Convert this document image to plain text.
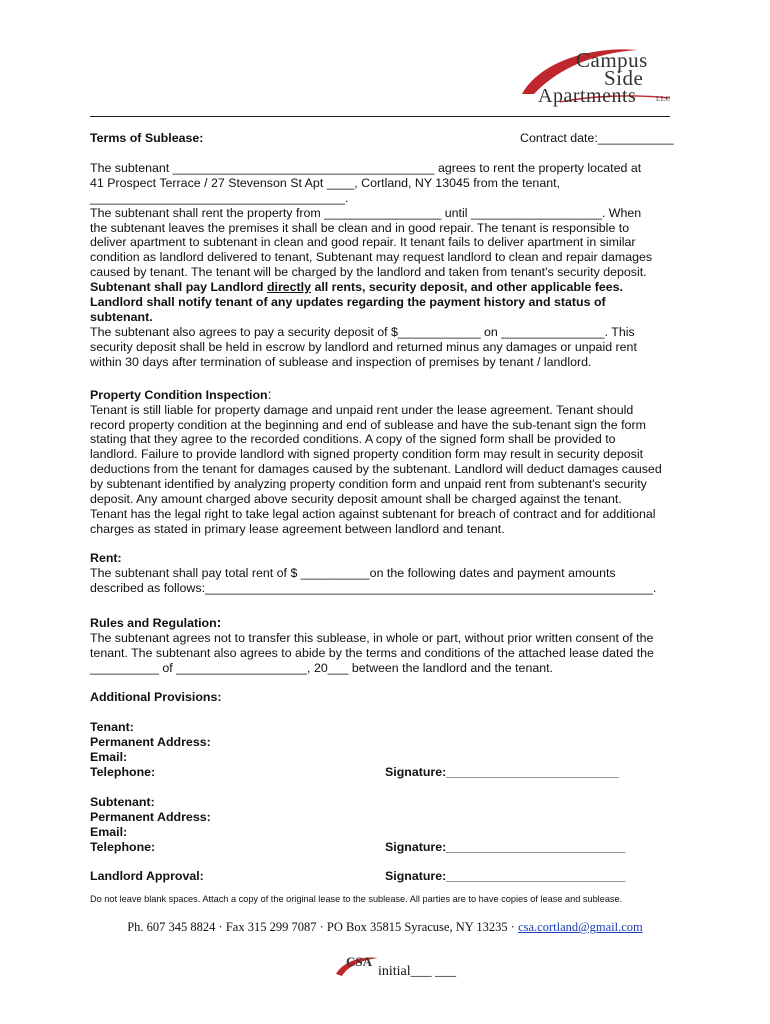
Campus
Side
Apartments	LLC
Terms of Sublease:	Contract date:___________
The subtenant ______________________________________ agrees to rent the property located at
41 Prospect Terrace / 27 Stevenson St Apt ____, Cortland, NY 13045 from the tenant,
_____________________________________.
The subtenant shall rent the property from _________________ until ___________________. When
the subtenant leaves the premises it shall be clean and in good repair. The tenant is responsible to
deliver apartment to subtenant in clean and good repair. It tenant fails to deliver apartment in similar
condition as landlord delivered to tenant, Subtenant may request landlord to clean and repair damages
caused by tenant. The tenant will be charged by the landlord and taken from tenant's security deposit.
Subtenant shall pay Landlord directly all rents, security deposit, and other applicable fees.
Landlord shall notify tenant of any updates regarding the payment history and status of
subtenant.
The subtenant also agrees to pay a security deposit of $____________ on _______________. This
security deposit shall be held in escrow by landlord and returned minus any damages or unpaid rent
within 30 days after termination of sublease and inspection of premises by tenant / landlord.
Property Condition Inspection:
Tenant is still liable for property damage and unpaid rent under the lease agreement. Tenant should
record property condition at the beginning and end of sublease and have the sub-tenant sign the form
stating that they agree to the recorded conditions. A copy of the signed form shall be provided to
landlord. Failure to provide landlord with signed property condition form may result in security deposit
deductions from the tenant for damages caused by the subtenant. Landlord will deduct damages caused
by subtenant identified by analyzing property condition form and unpaid rent from subtenant's security
deposit. Any amount charged above security deposit amount shall be charged against the tenant.
Tenant has the legal right to take legal action against subtenant for breach of contract and for additional
charges as stated in primary lease agreement between landlord and tenant.
Rent:
The subtenant shall pay total rent of $ __________on the following dates and payment amounts
described as follows:_________________________________________________________________.
Rules and Regulation:
The subtenant agrees not to transfer this sublease, in whole or part, without prior written consent of the
tenant. The subtenant also agrees to abide by the terms and conditions of the attached lease dated the
__________ of ___________________, 20___ between the landlord and the tenant.
Additional Provisions:
Tenant:
Permanent Address:
Email:
Telephone:	Signature:_________________________
Subtenant:
Permanent Address:
Email:
Telephone:	Signature:__________________________
Landlord Approval:	Signature:__________________________
Do not leave blank spaces. Attach a copy of the original lease to the sublease. All parties are to have copies of lease and sublease.
Ph. 607 345 8824 · Fax 315 299 7087 · PO Box 35815 Syracuse, NY 13235 · csa.cortland@gmail.com
CSA
initial___ ___
